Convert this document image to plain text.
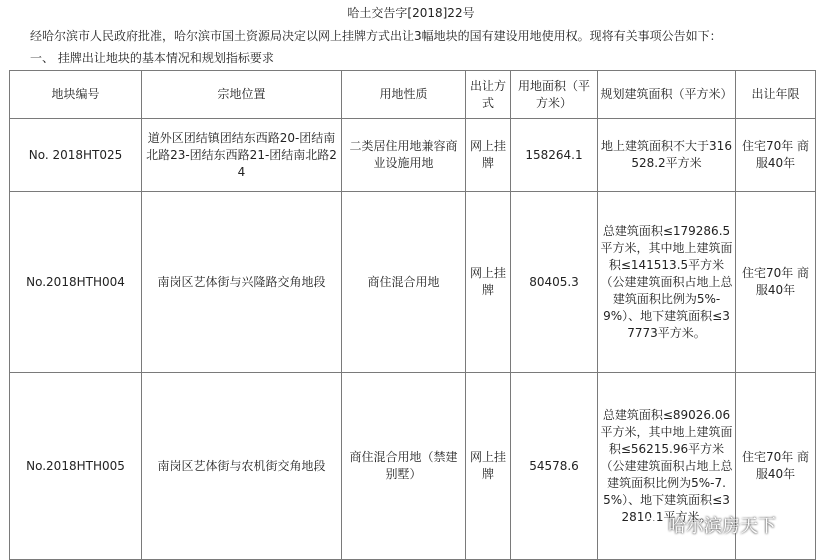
哈土交告字[2018]22号
经哈尔滨市人民政府批准，哈尔滨市国土资源局决定以网上挂牌方式出让3幅地块的国有建设用地使用权。现将有关事项公告如下：
一、 挂牌出让地块的基本情况和规划指标要求
地块编号	宗地位置	用地性质	出让方式	用地面积（平方米）	规划建筑面积（平方米）	出让年限
No. 2018HT025	道外区团结镇团结东西路20-团结南北路23-团结东西路21-团结南北路24	二类居住用地兼容商业设施用地	网上挂牌	158264.1	地上建筑面积不大于316528.2平方米	住宅70年 商服40年
No.2018HTH004	南岗区艺体街与兴隆路交角地段	商住混合用地	网上挂牌	80405.3	总建筑面积≤179286.5平方米，其中地上建筑面积≤141513.5平方米（公建建筑面积占地上总建筑面积比例为5%-9%）、地下建筑面积≤37773平方米。	住宅70年 商服40年
No.2018HTH005	南岗区艺体街与农机街交角地段	商住混合用地（禁建别墅）	网上挂牌	54578.6	总建筑面积≤89026.06平方米，其中地上建筑面积≤56215.96平方米（公建建筑面积占地上总建筑面积比例为5%-7.5%）、地下建筑面积≤32810.1平方米。	住宅70年 商服40年
哈尔滨房天下
